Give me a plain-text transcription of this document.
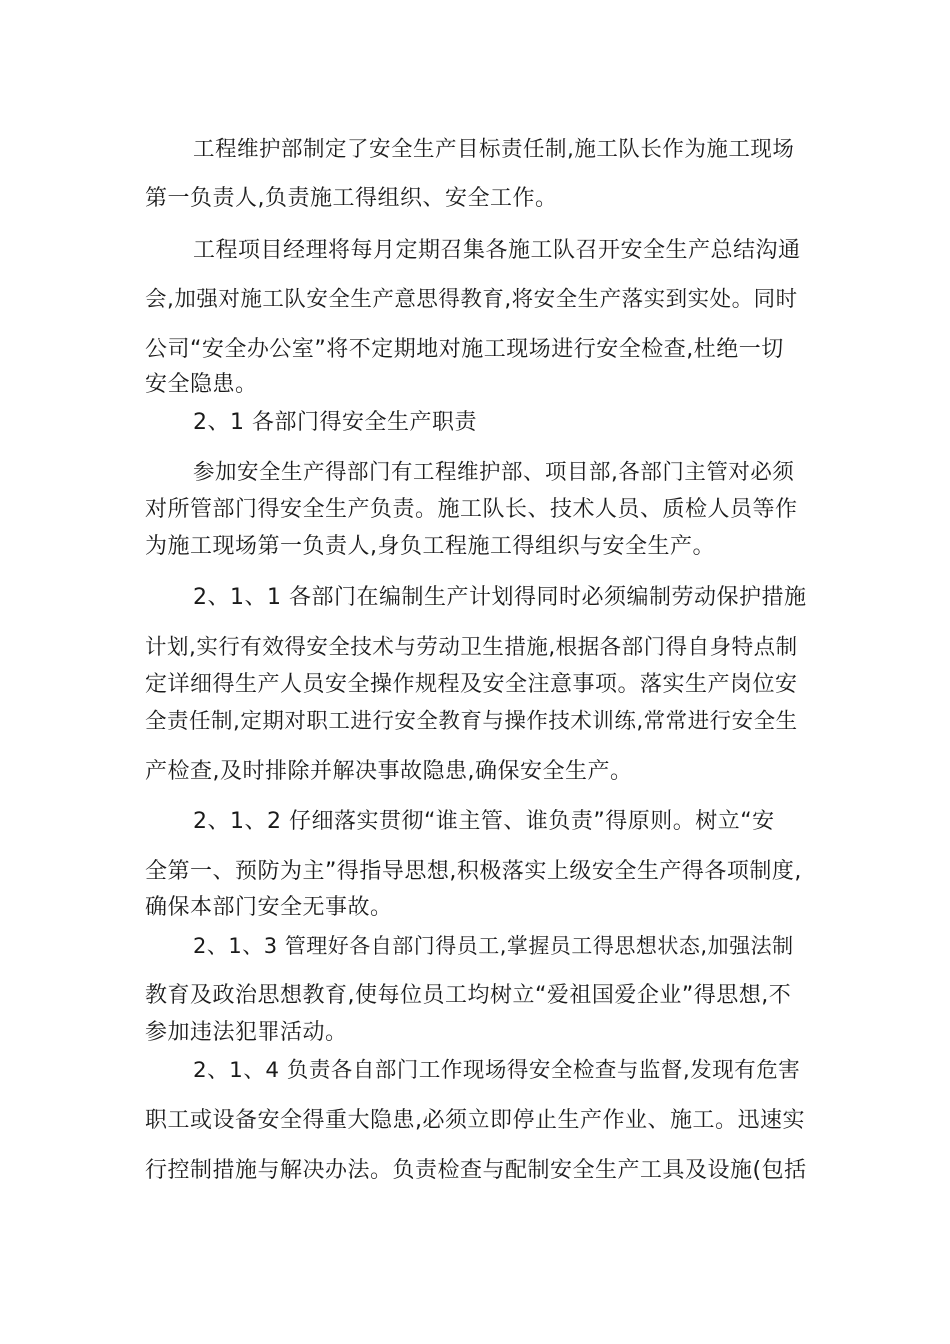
工程维护部制定了安全生产目标责任制,施工队长作为施工现场
第一负责人,负责施工得组织、安全工作。
工程项目经理将每月定期召集各施工队召开安全生产总结沟通
会,加强对施工队安全生产意思得教育,将安全生产落实到实处。同时
公司“安全办公室”将不定期地对施工现场进行安全检查,杜绝一切
安全隐患。
2、1 各部门得安全生产职责
参加安全生产得部门有工程维护部、项目部,各部门主管对必须
对所管部门得安全生产负责。施工队长、技术人员、质检人员等作
为施工现场第一负责人,身负工程施工得组织与安全生产。
2、1、1 各部门在编制生产计划得同时必须编制劳动保护措施
计划,实行有效得安全技术与劳动卫生措施,根据各部门得自身特点制
定详细得生产人员安全操作规程及安全注意事项。落实生产岗位安
全责任制,定期对职工进行安全教育与操作技术训练,常常进行安全生
产检查,及时排除并解决事故隐患,确保安全生产。
2、1、2 仔细落实贯彻“谁主管、谁负责”得原则。树立“安
全第一、预防为主”得指导思想,积极落实上级安全生产得各项制度,
确保本部门安全无事故。
2、1、3 管理好各自部门得员工,掌握员工得思想状态,加强法制
教育及政治思想教育,使每位员工均树立“爱祖国爱企业”得思想,不
参加违法犯罪活动。
2、1、4 负责各自部门工作现场得安全检查与监督,发现有危害
职工或设备安全得重大隐患,必须立即停止生产作业、施工。迅速实
行控制措施与解决办法。负责检查与配制安全生产工具及设施(包括
